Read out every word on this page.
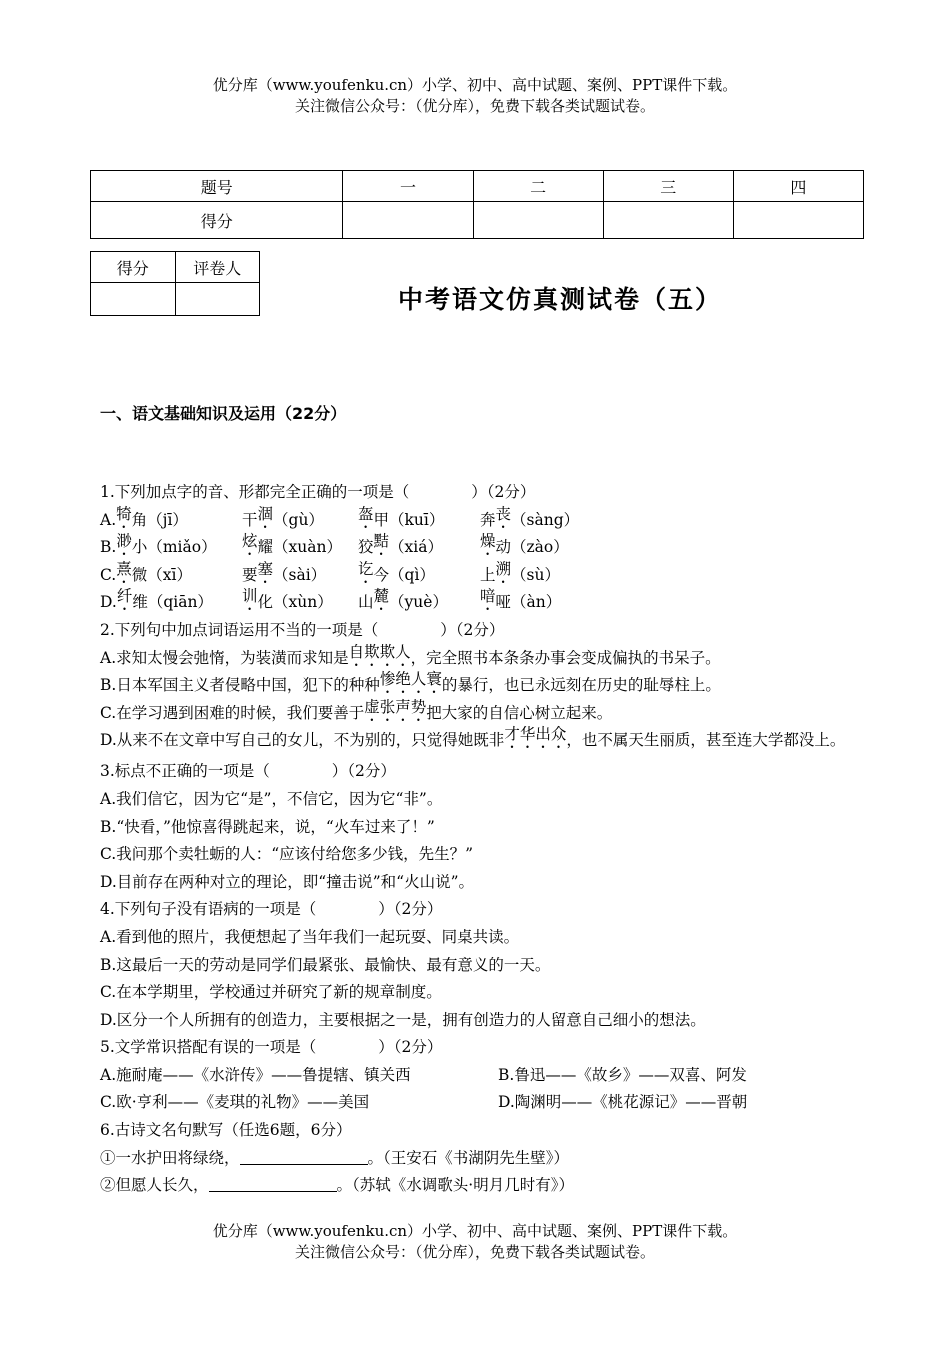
优分库（www.youfenku.cn）小学、初中、高中试题、案例、PPT课件下载。
关注微信公众号：（优分库），免费下载各类试题试卷。
题号	一	二	三	四
得分				
得分	评卷人

中考语文仿真测试卷（五）
一、语文基础知识及运用（22分）
1.下列加点字的音、形都完全正确的一项是（　　　　）（2分）
A.犄角（jī）	干涸（gù） 盔甲（kuī） 奔丧（sàng）
B.渺小（miǎo） 炫耀（xuàn） 狡黠（xiá） 燥动（zào）
C.熹微（xī）	要塞（sài） 讫今（qì）	上溯（sù）
D.纤维（qiān） 训化（xùn） 山麓（yuè） 喑哑（àn）
2.下列句中加点词语运用不当的一项是（　　　　）（2分）
A.求知太慢会弛惰，为装潢而求知是自欺欺人，完全照书本条条办事会变成偏执的书呆子。
B.日本军国主义者侵略中国，犯下的种种惨绝人寰的暴行，也已永远刻在历史的耻辱柱上。
C.在学习遇到困难的时候，我们要善于虚张声势把大家的自信心树立起来。
D.从来不在文章中写自己的女儿，不为别的，只觉得她既非才华出众，也不属天生丽质，甚至连大学都没上。
3.标点不正确的一项是（　　　　）（2分）
A.我们信它，因为它“是”，不信它，因为它“非”。
B.“快看，”他惊喜得跳起来，说，“火车过来了！”
C.我问那个卖牡蛎的人：“应该付给您多少钱，先生？”
D.目前存在两种对立的理论，即“撞击说”和“火山说”。
4.下列句子没有语病的一项是（　　　　）（2分）
A.看到他的照片，我便想起了当年我们一起玩耍、同桌共读。
B.这最后一天的劳动是同学们最紧张、最愉快、最有意义的一天。
C.在本学期里，学校通过并研究了新的规章制度。
D.区分一个人所拥有的创造力，主要根据之一是，拥有创造力的人留意自己细小的想法。
5.文学常识搭配有误的一项是（　　　　）（2分）
A.施耐庵——《水浒传》——鲁提辖、镇关西	B.鲁迅——《故乡》——双喜、阿发
C.欧·亨利——《麦琪的礼物》——美国	D.陶渊明——《桃花源记》——晋朝
6.古诗文名句默写（任选6题，6分）
①一水护田将绿绕，	。（王安石《书湖阴先生壁》）
②但愿人长久，	。（苏轼《水调歌头·明月几时有》）
优分库（www.youfenku.cn）小学、初中、高中试题、案例、PPT课件下载。
关注微信公众号：（优分库），免费下载各类试题试卷。
